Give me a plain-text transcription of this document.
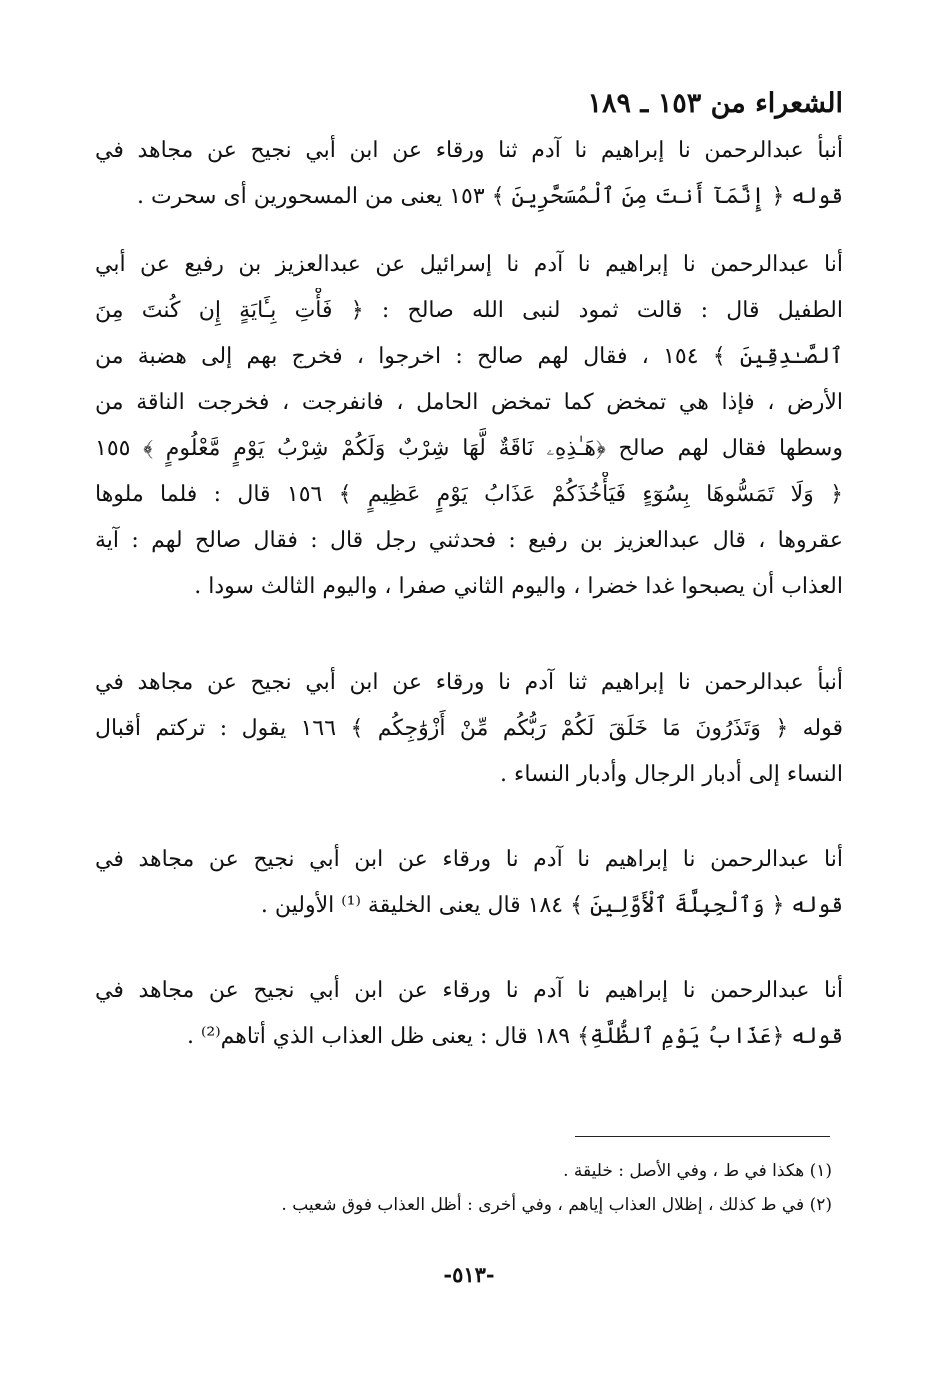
الشعراء من ١٥٣ ـ ١٨٩
أنبأ عبدالرحمن نا إبراهيم نا آدم ثنا ورقاء عن ابن أبي نجيح عن مجاهد في
قوله ﴿ إِنَّمَآ أَنتَ مِنَ ٱلْمُسَحَّرِينَ ﴾ ١٥٣ يعنى من المسحورين أى سحرت .
أنا عبدالرحمن نا إبراهيم نا آدم نا إسرائيل عن عبدالعزيز بن رفيع عن أبي
الطفيل قال : قالت ثمود لنبى الله صالح : ﴿ فَأْتِ بِـَٔايَةٍ إِن كُنتَ مِنَ
ٱلصَّـٰدِقِينَ ﴾ ١٥٤ ، فقال لهم صالح : اخرجوا ، فخرج بهم إلى هضبة من
الأرض ، فإذا هي تمخض كما تمخض الحامل ، فانفرجت ، فخرجت الناقة من
وسطها فقال لهم صالح ﴿هَـٰذِهِۦ نَاقَةٌ لَّهَا شِرْبٌ وَلَكُمْ شِرْبُ يَوْمٍ مَّعْلُومٍ ﴾ ١٥٥
﴿ وَلَا تَمَسُّوهَا بِسُوٓءٍ فَيَأْخُذَكُمْ عَذَابُ يَوْمٍ عَظِيمٍ ﴾ ١٥٦ قال : فلما ملوها
عقروها ، قال عبدالعزيز بن رفيع : فحدثني رجل قال : فقال صالح لهم : آية
العذاب أن يصبحوا غدا خضرا ، واليوم الثاني صفرا ، واليوم الثالث سودا .
أنبأ عبدالرحمن نا إبراهيم ثنا آدم نا ورقاء عن ابن أبي نجيح عن مجاهد في
قوله ﴿ وَتَذَرُونَ مَا خَلَقَ لَكُمْ رَبُّكُم مِّنْ أَزْوَٰجِكُم ﴾ ١٦٦ يقول : تركتم أقبال
النساء إلى أدبار الرجال وأدبار النساء .
أنا عبدالرحمن نا إبراهيم نا آدم نا ورقاء عن ابن أبي نجيح عن مجاهد في
قوله ﴿ وَٱلْجِبِلَّةَ ٱلْأَوَّلِينَ ﴾ ١٨٤ قال يعنى الخليقة ⁽¹⁾ الأولين .
أنا عبدالرحمن نا إبراهيم نا آدم نا ورقاء عن ابن أبي نجيح عن مجاهد في
قوله ﴿عَذَابُ يَوْمِ ٱلظُّلَّةِ﴾ ١٨٩ قال : يعنى ظل العذاب الذي أتاهم⁽²⁾ .
(١) هكذا في ط ، وفي الأصل : خليقة .
(٢) في ط كذلك ، إظلال العذاب إياهم ، وفي أخرى : أظل العذاب فوق شعيب .
-٥١٣-
